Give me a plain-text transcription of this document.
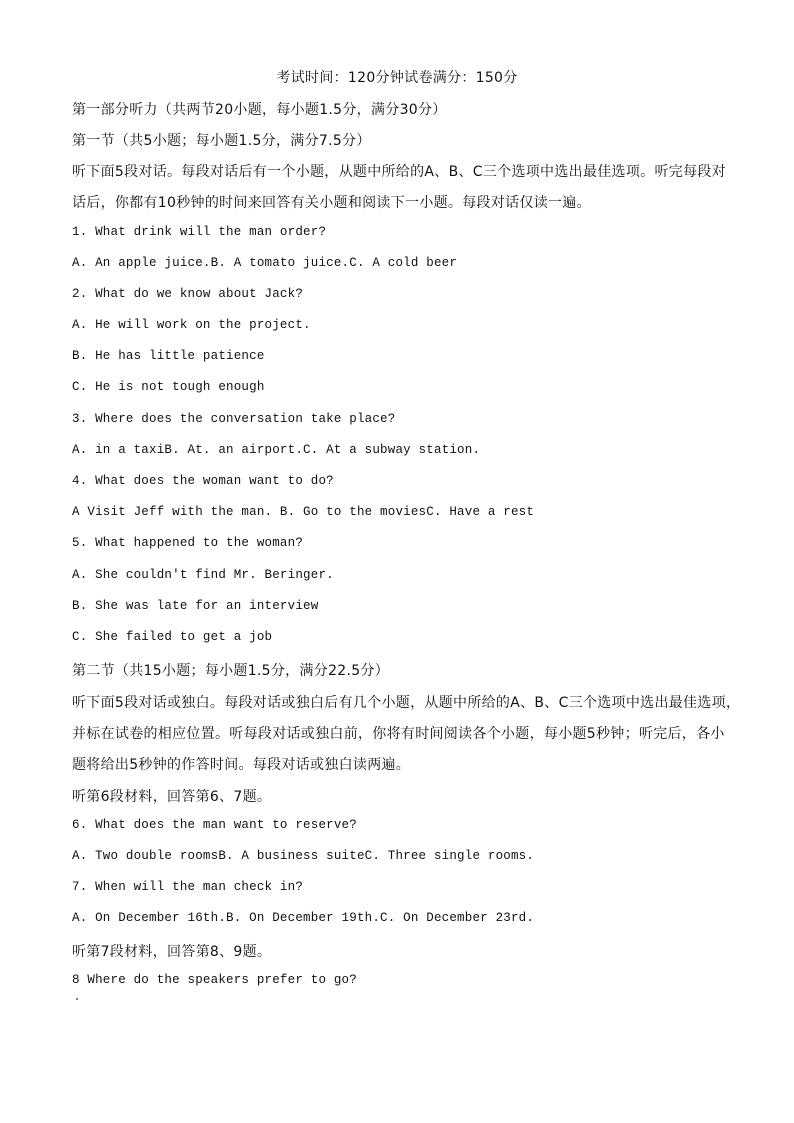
考试时间：120分钟试卷满分：150分
第一部分听力（共两节20小题，每小题1.5分，满分30分）
第一节（共5小题；每小题1.5分，满分7.5分）
听下面5段对话。每段对话后有一个小题，从题中所给的A、B、C三个选项中选出最佳选项。听完每段对
话后，你都有10秒钟的时间来回答有关小题和阅读下一小题。每段对话仅读一遍。
1. What drink will the man order?
A. An apple juice.B. A tomato juice.C. A cold beer
2. What do we know about Jack?
A. He will work on the project.
B. He has little patience
C. He is not tough enough
3. Where does the conversation take place?
A. in a taxiB. At. an airport.C. At a subway station.
4. What does the woman want to do?
A Visit Jeff with the man. B. Go to the moviesC. Have a rest
5. What happened to the woman?
A. She couldn't find Mr. Beringer.
B. She was late for an interview
C. She failed to get a job
第二节（共15小题；每小题1.5分，满分22.5分）
听下面5段对话或独白。每段对话或独白后有几个小题，从题中所给的A、B、C三个选项中选出最佳选项，
并标在试卷的相应位置。听每段对话或独白前，你将有时间阅读各个小题，每小题5秒钟；听完后，各小
题将给出5秒钟的作答时间。每段对话或独白读两遍。
听第6段材料，回答第6、7题。
6. What does the man want to reserve?
A. Two double roomsB. A business suiteC. Three single rooms.
7. When will the man check in?
A. On December 16th.B. On December 19th.C. On December 23rd.
听第7段材料，回答第8、9题。
8 Where do the speakers prefer to go?
